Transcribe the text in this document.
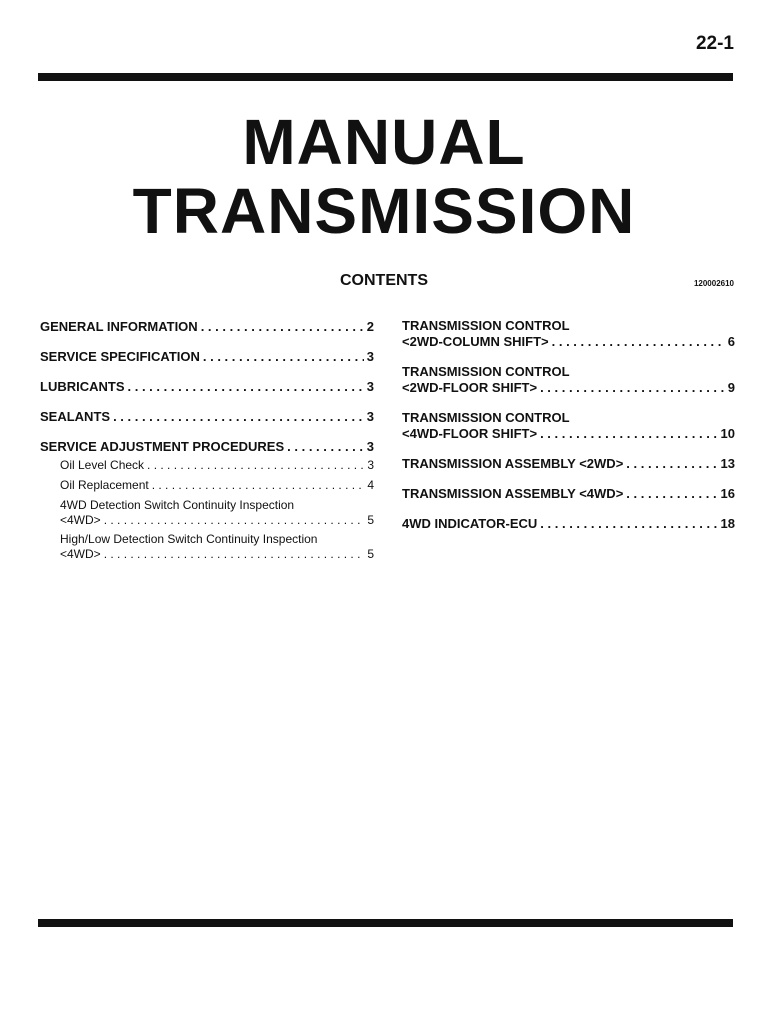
22-1
MANUAL
TRANSMISSION
CONTENTS	120002610
GENERAL INFORMATION . . .	2
SERVICE SPECIFICATION . . .	3
LUBRICANTS . . .	3
SEALANTS . . .	3
SERVICE ADJUSTMENT PROCEDURES . . .	3
Oil Level Check . . .	3
Oil Replacement . . .	4
4WD Detection Switch Continuity Inspection
<4WD> . . .	5
High/Low Detection Switch Continuity Inspection
<4WD> . . .	5
TRANSMISSION CONTROL
<2WD-COLUMN SHIFT> . . .	6
TRANSMISSION CONTROL
<2WD-FLOOR SHIFT> . . .	9
TRANSMISSION CONTROL
<4WD-FLOOR SHIFT> . . .	10
TRANSMISSION ASSEMBLY <2WD> . . .	13
TRANSMISSION ASSEMBLY <4WD> . . .	16
4WD INDICATOR-ECU . . .	18
